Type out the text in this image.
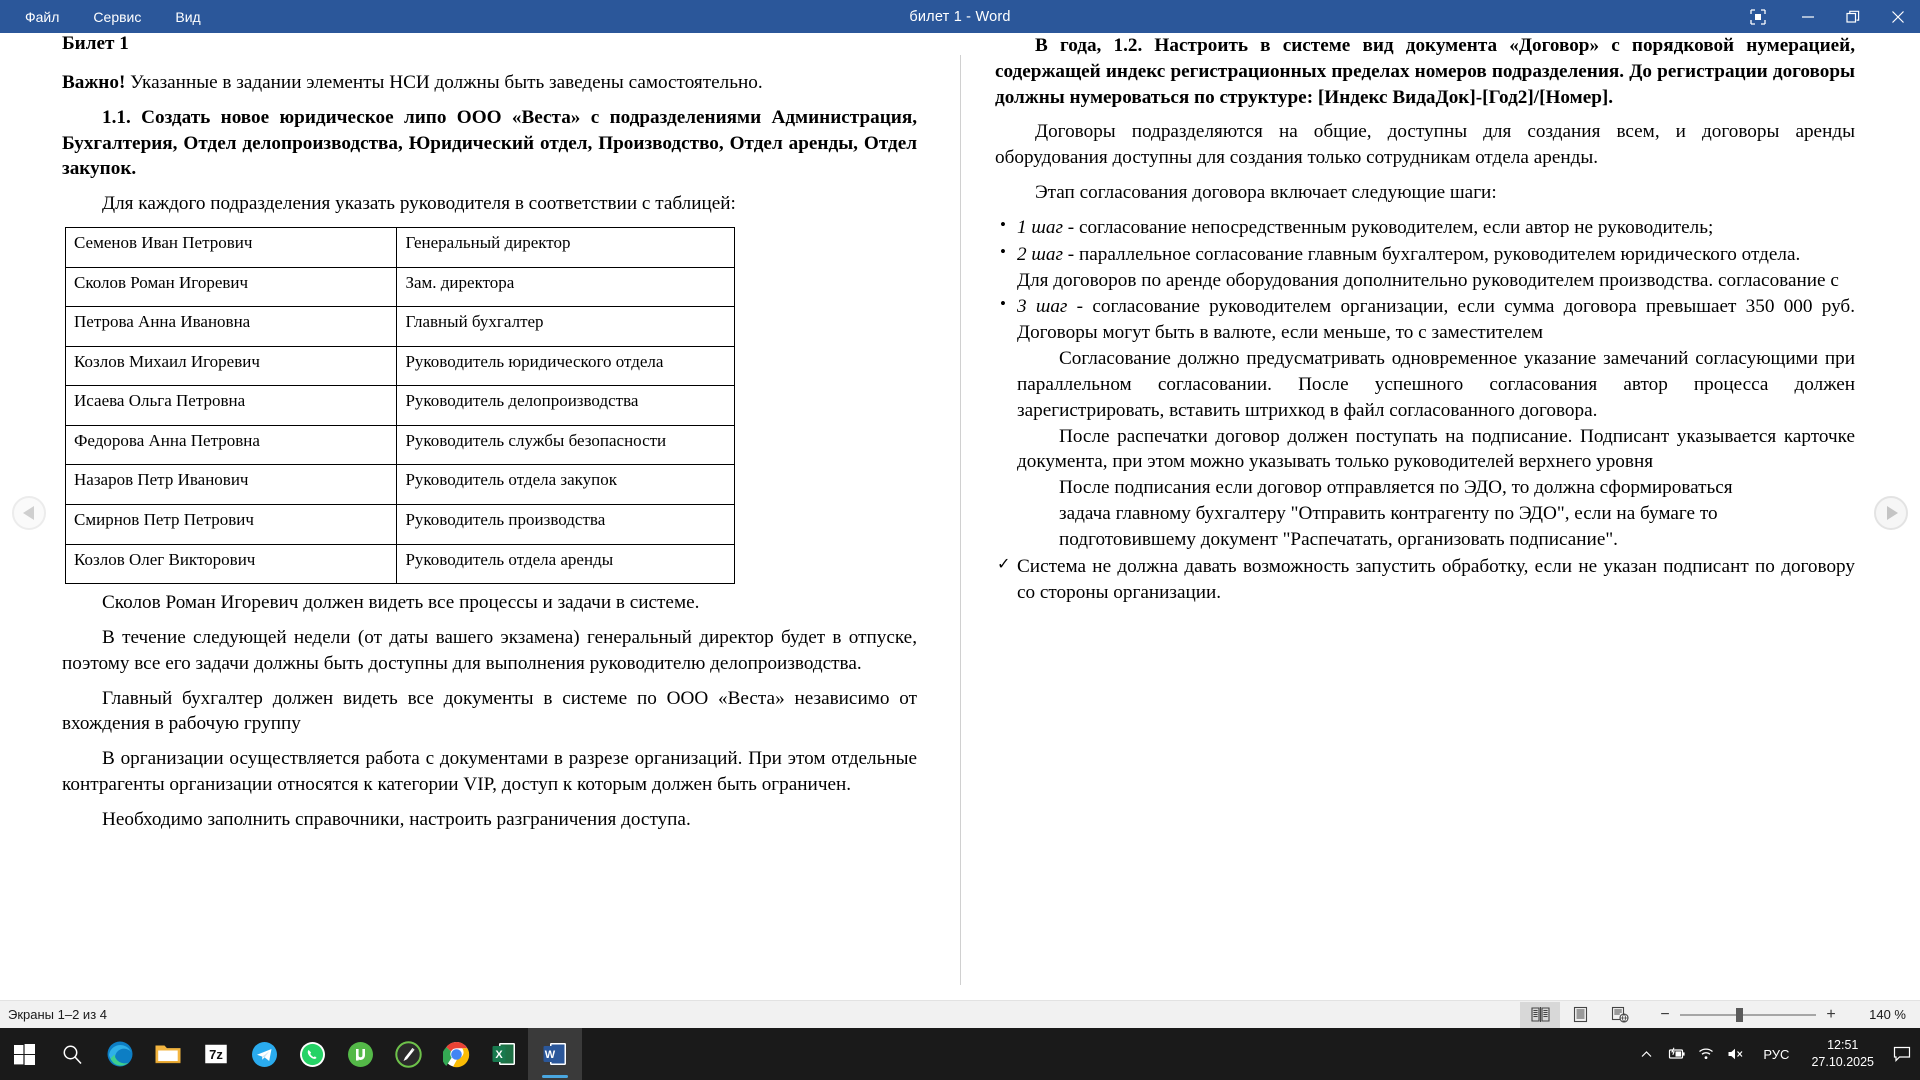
Файл	Сервис	Вид	билет 1 - Word
Билет 1

Важно! Указанные в задании элементы НСИ должны быть заведены самостоятельно.

1.1. Создать новое юридическое липо ООО «Веста» с подразделениями Администрация, Бухгалтерия, Отдел делопроизводства, Юридический отдел, Производство, Отдел аренды, Отдел закупок.

Для каждого подразделения указать руководителя в соответствии с таблицей:

Семенов Иван Петрович	Генеральный директор
Сколов Роман Игоревич	Зам. директора
Петрова Анна Ивановна	Главный бухгалтер
Козлов Михаил Игоревич	Руководитель юридического отдела
Исаева Ольга Петровна	Руководитель делопроизводства
Федорова Анна Петровна	Руководитель службы безопасности
Назаров Петр Иванович	Руководитель отдела закупок
Смирнов Петр Петрович	Руководитель производства
Козлов Олег Викторович	Руководитель отдела аренды

Сколов Роман Игоревич должен видеть все процессы и задачи в системе.

В течение следующей недели (от даты вашего экзамена) генеральный директор будет в отпуске, поэтому все его задачи должны быть доступны для выполнения руководителю делопроизводства.

Главный бухгалтер должен видеть все документы в системе по ООО «Веста» независимо от вхождения в рабочую группу

В организации осуществляется работа с документами в разрезе организаций. При этом отдельные контрагенты организации относятся к категории VIP, доступ к которым должен быть ограничен.

Необходимо заполнить справочники, настроить разграничения доступа.

В года, 1.2. Настроить в системе вид документа «Договор» с порядковой нумерацией, содержащей индекс регистрационных пределах номеров подразделения. До регистрации договоры должны нумероваться по структуре: [Индекс ВидаДок]-[Год2]/[Номер].

Договоры подразделяются на общие, доступны для создания всем, и договоры аренды оборудования доступны для создания только сотрудникам отдела аренды.

Этап согласования договора включает следующие шаги:

• 1 шаг - согласование непосредственным руководителем, если автор не руководитель;
• 2 шаг - параллельное согласование главным бухгалтером, руководителем юридического отдела.
Для договоров по аренде оборудования дополнительно руководителем производства. согласование с
• 3 шаг - согласование руководителем организации, если сумма договора превышает 350 000 руб. Договоры могут быть в валюте, если меньше, то с заместителем
Согласование должно предусматривать одновременное указание замечаний согласующими при параллельном согласовании. После успешного согласования автор процесса должен зарегистрировать, вставить штрихкод в файл согласованного договора.
После распечатки договор должен поступать на подписание. Подписант указывается карточке документа, при этом можно указывать только руководителей верхнего уровня
После подписания если договор отправляется по ЭДО, то должна сформироваться
задача главному бухгалтеру "Отправить контрагенту по ЭДО", если на бумаге то
подготовившему документ "Распечатать, организовать подписание".
✓ Система не должна давать возможность запустить обработку, если не указан подписант по договору со стороны организации.
Экраны 1–2 из 4	−	+	140 %
7z	X	W	РУС
12:51
27.10.2025
